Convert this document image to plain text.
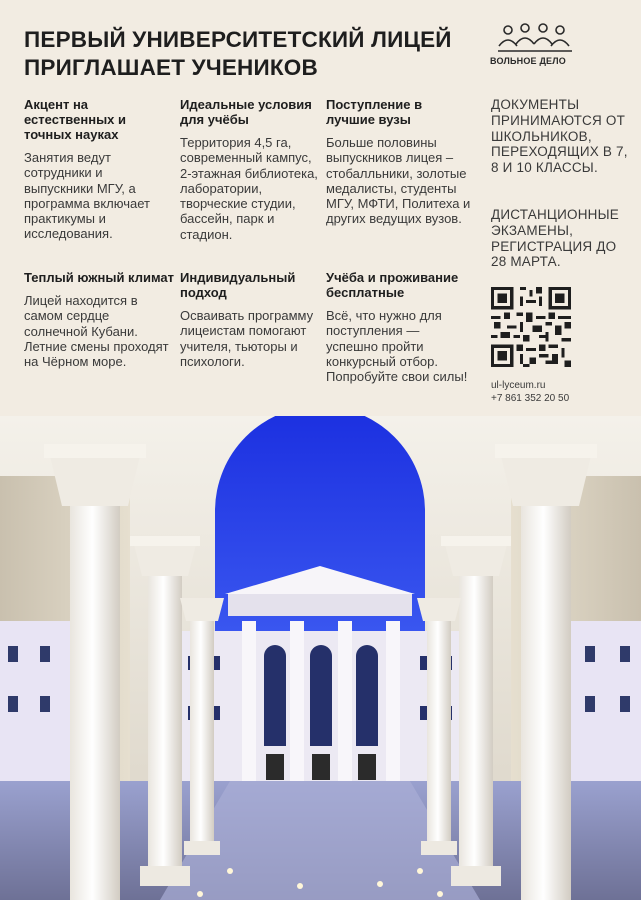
ПЕРВЫЙ УНИВЕРСИТЕТСКИЙ ЛИЦЕЙ
ПРИГЛАШАЕТ УЧЕНИКОВ	ВОЛЬНОЕ ДЕЛО
Акцент на естественных и точных науках

Занятия ведут сотрудники и выпускники МГУ, а программа включает практикумы и исследования.

Идеальные условия для учёбы

Территория 4,5 га, современный кампус, 2-этажная библиотека, лаборатории, творческие студии, бассейн, парк и стадион.

Поступление в лучшие вузы

Больше половины выпускников лицея – стобалльники, золотые медалисты, студенты МГУ, МФТИ, Политеха и других ведущих вузов.

Теплый южный климат

Лицей находится в самом сердце солнечной Кубани. Летние смены проходят на Чёрном море.

Индивидуальный подход

Осваивать программу лицеистам помогают учителя, тьюторы и психологи.

Учёба и проживание бесплатные

Всё, что нужно для поступления — успешно пройти конкурсный отбор. Попробуйте свои силы!

ДОКУМЕНТЫ ПРИНИМАЮТСЯ ОТ ШКОЛЬНИКОВ, ПЕРЕХОДЯЩИХ В 7, 8 И 10 КЛАССЫ.

ДИСТАНЦИОННЫЕ ЭКЗАМЕНЫ, РЕГИСТРАЦИЯ ДО 28 МАРТА.

ul-lyceum.ru

+7 861 352 20 50
